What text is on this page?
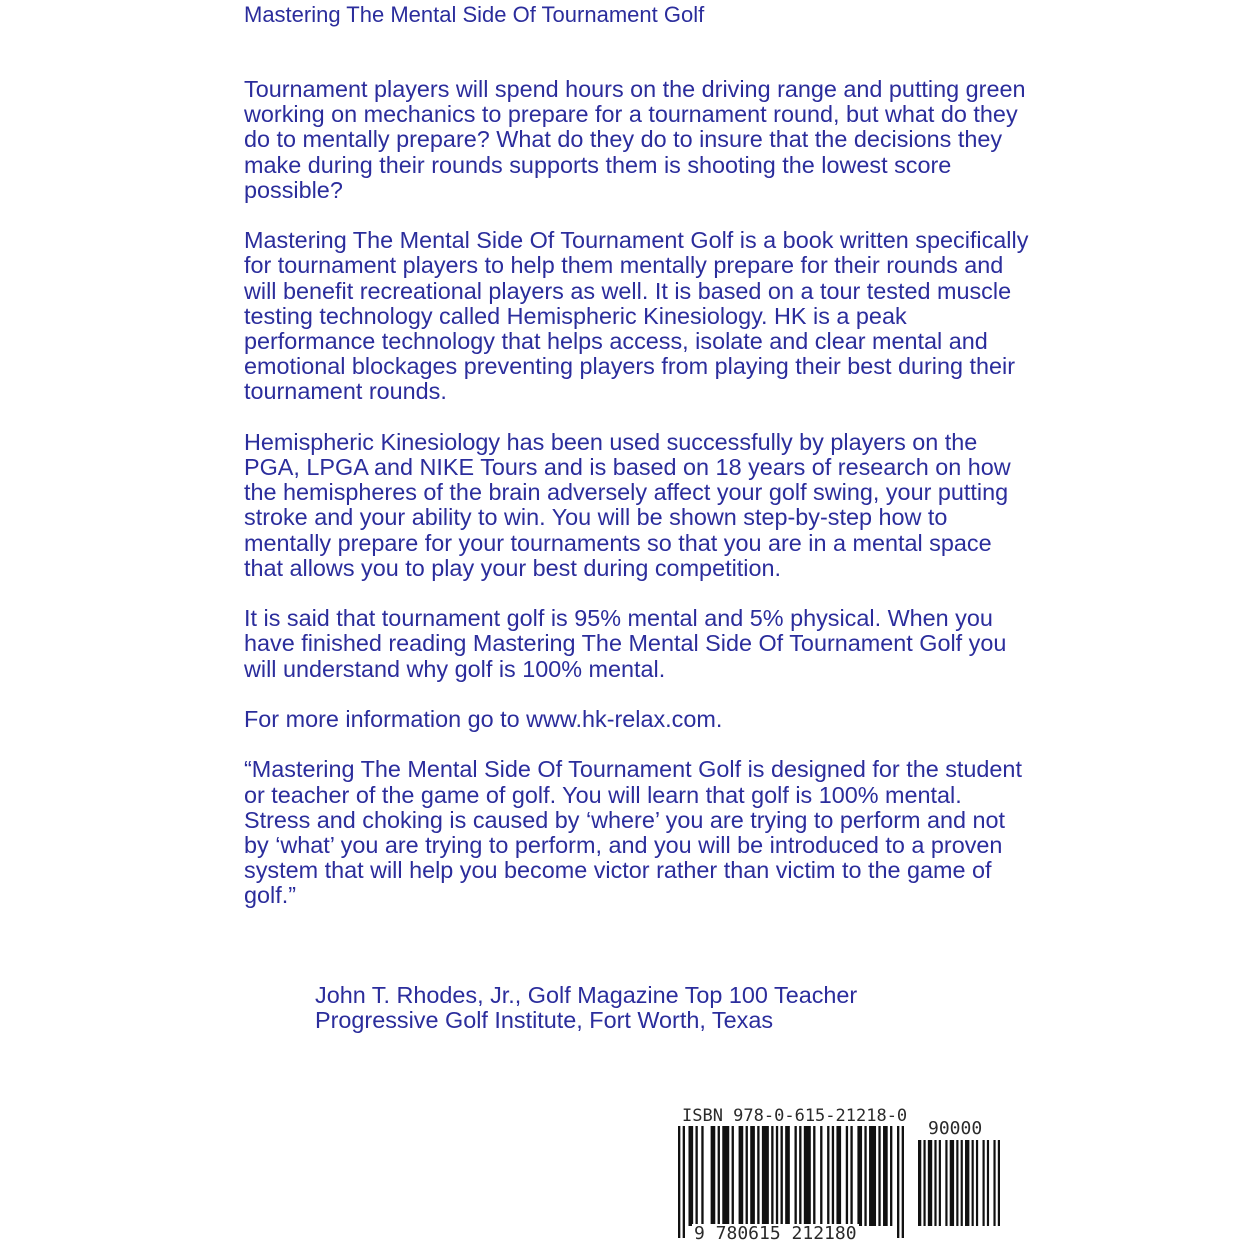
Mastering The Mental Side Of Tournament Golf

Tournament players will spend hours on the driving range and putting green working on mechanics to prepare for a tournament round, but what do they do to mentally prepare? What do they do to insure that the decisions they make during their rounds supports them is shooting the lowest score possible?

Mastering The Mental Side Of Tournament Golf is a book written specifically for tournament players to help them mentally prepare for their rounds and will benefit recreational players as well. It is based on a tour tested muscle testing technology called Hemispheric Kinesiology. HK is a peak performance technology that helps access, isolate and clear mental and emotional blockages preventing players from playing their best during their tournament rounds.

Hemispheric Kinesiology has been used successfully by players on the PGA, LPGA and NIKE Tours and is based on 18 years of research on how the hemispheres of the brain adversely affect your golf swing, your putting stroke and your ability to win. You will be shown step-by-step how to mentally prepare for your tournaments so that you are in a mental space that allows you to play your best during competition.

It is said that tournament golf is 95% mental and 5% physical. When you have finished reading Mastering The Mental Side Of Tournament Golf you will understand why golf is 100% mental.

For more information go to www.hk-relax.com.

“Mastering The Mental Side Of Tournament Golf is designed for the student or teacher of the game of golf. You will learn that golf is 100% mental. Stress and choking is caused by ‘where’ you are trying to perform and not by ‘what’ you are trying to perform, and you will be introduced to a proven system that will help you become victor rather than victim to the game of golf.”

John T. Rhodes, Jr., Golf Magazine Top 100 Teacher
Progressive Golf Institute, Fort Worth, Texas
ISBN 978-0-615-21218-0
90000
9 780615 212180
